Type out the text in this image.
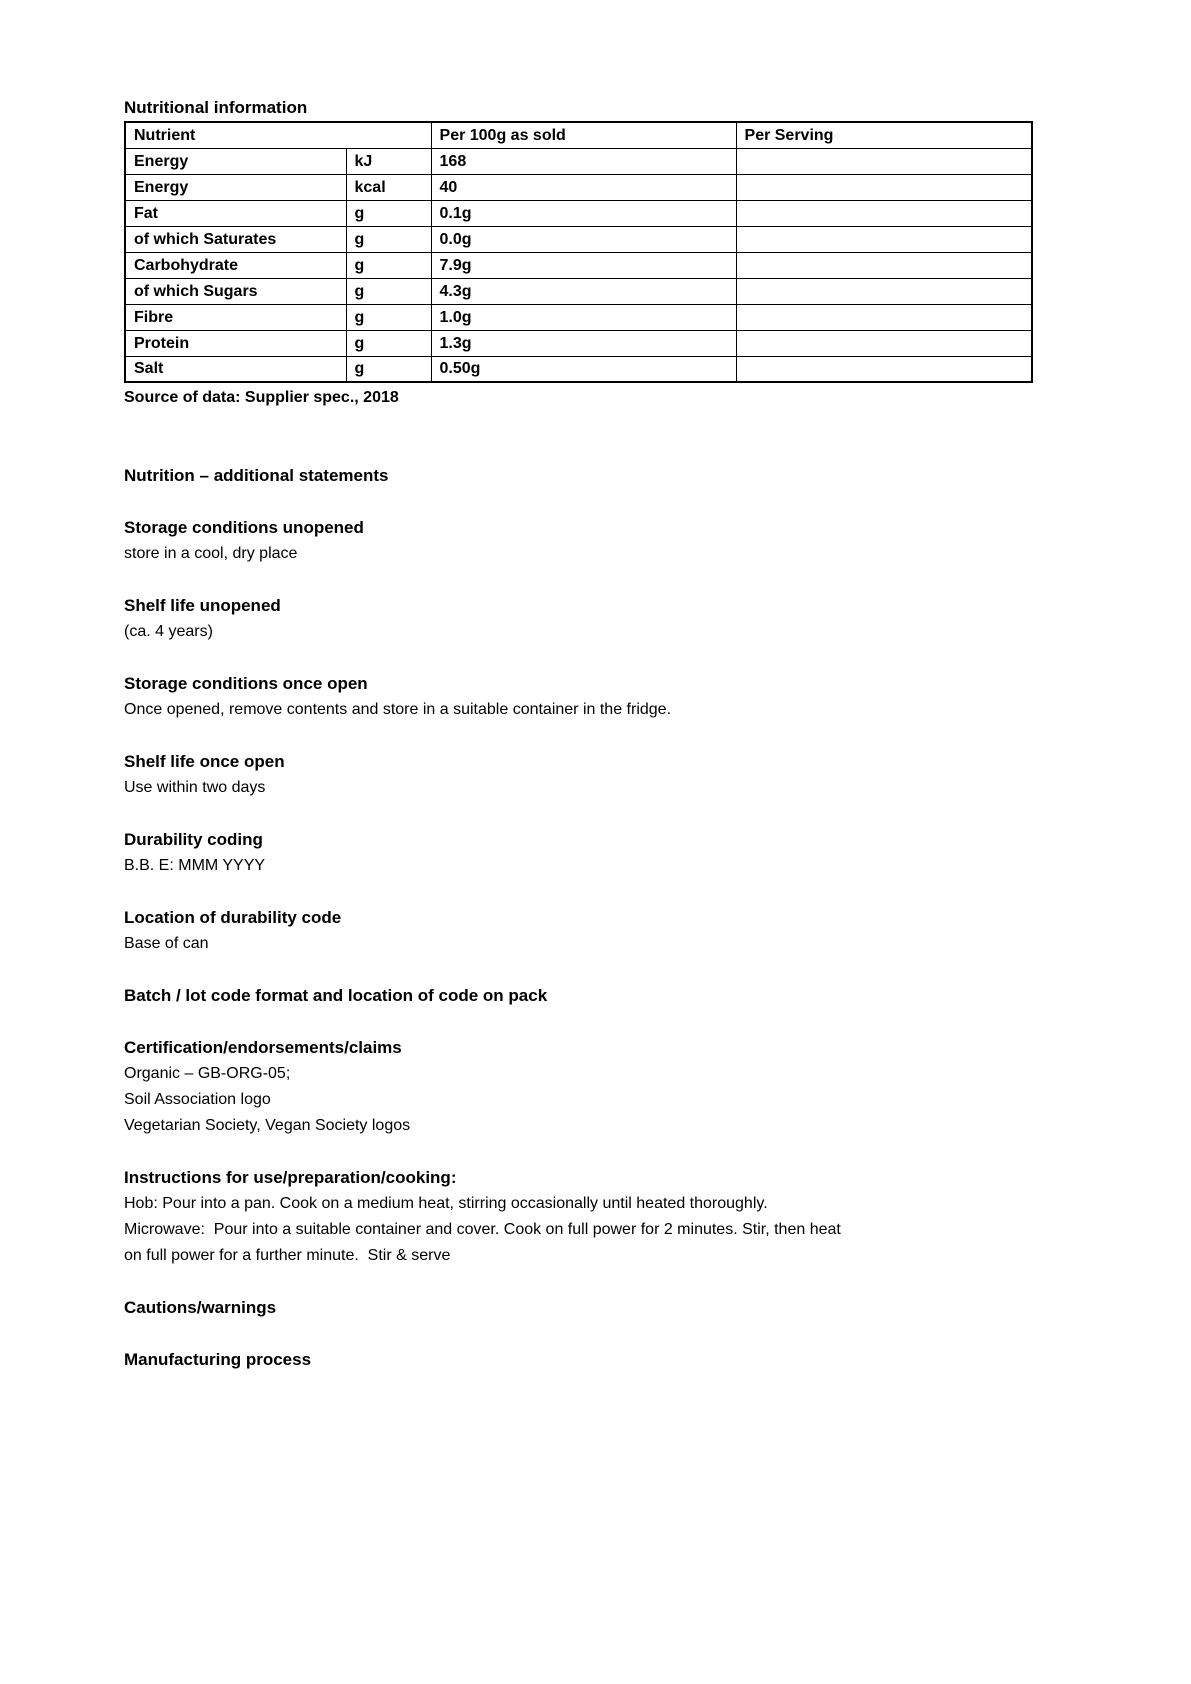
Nutritional information
Nutrient		Per 100g as sold	Per Serving
Energy	kJ	168	
Energy	kcal	40	
Fat	g	0.1g	
of which Saturates	g	0.0g	
Carbohydrate	g	7.9g	
of which Sugars	g	4.3g	
Fibre	g	1.0g	
Protein	g	1.3g	
Salt	g	0.50g	
Source of data: Supplier spec., 2018
Nutrition – additional statements
Storage conditions unopened
store in a cool, dry place
Shelf life unopened
(ca. 4 years)
Storage conditions once open
Once opened, remove contents and store in a suitable container in the fridge.
Shelf life once open
Use within two days
Durability coding
B.B. E: MMM YYYY
Location of durability code
Base of can
Batch / lot code format and location of code on pack
Certification/endorsements/claims
Organic – GB-ORG-05;
Soil Association logo
Vegetarian Society, Vegan Society logos
Instructions for use/preparation/cooking:
Hob: Pour into a pan. Cook on a medium heat, stirring occasionally until heated thoroughly.
Microwave:  Pour into a suitable container and cover. Cook on full power for 2 minutes. Stir, then heat
on full power for a further minute.  Stir & serve
Cautions/warnings
Manufacturing process
